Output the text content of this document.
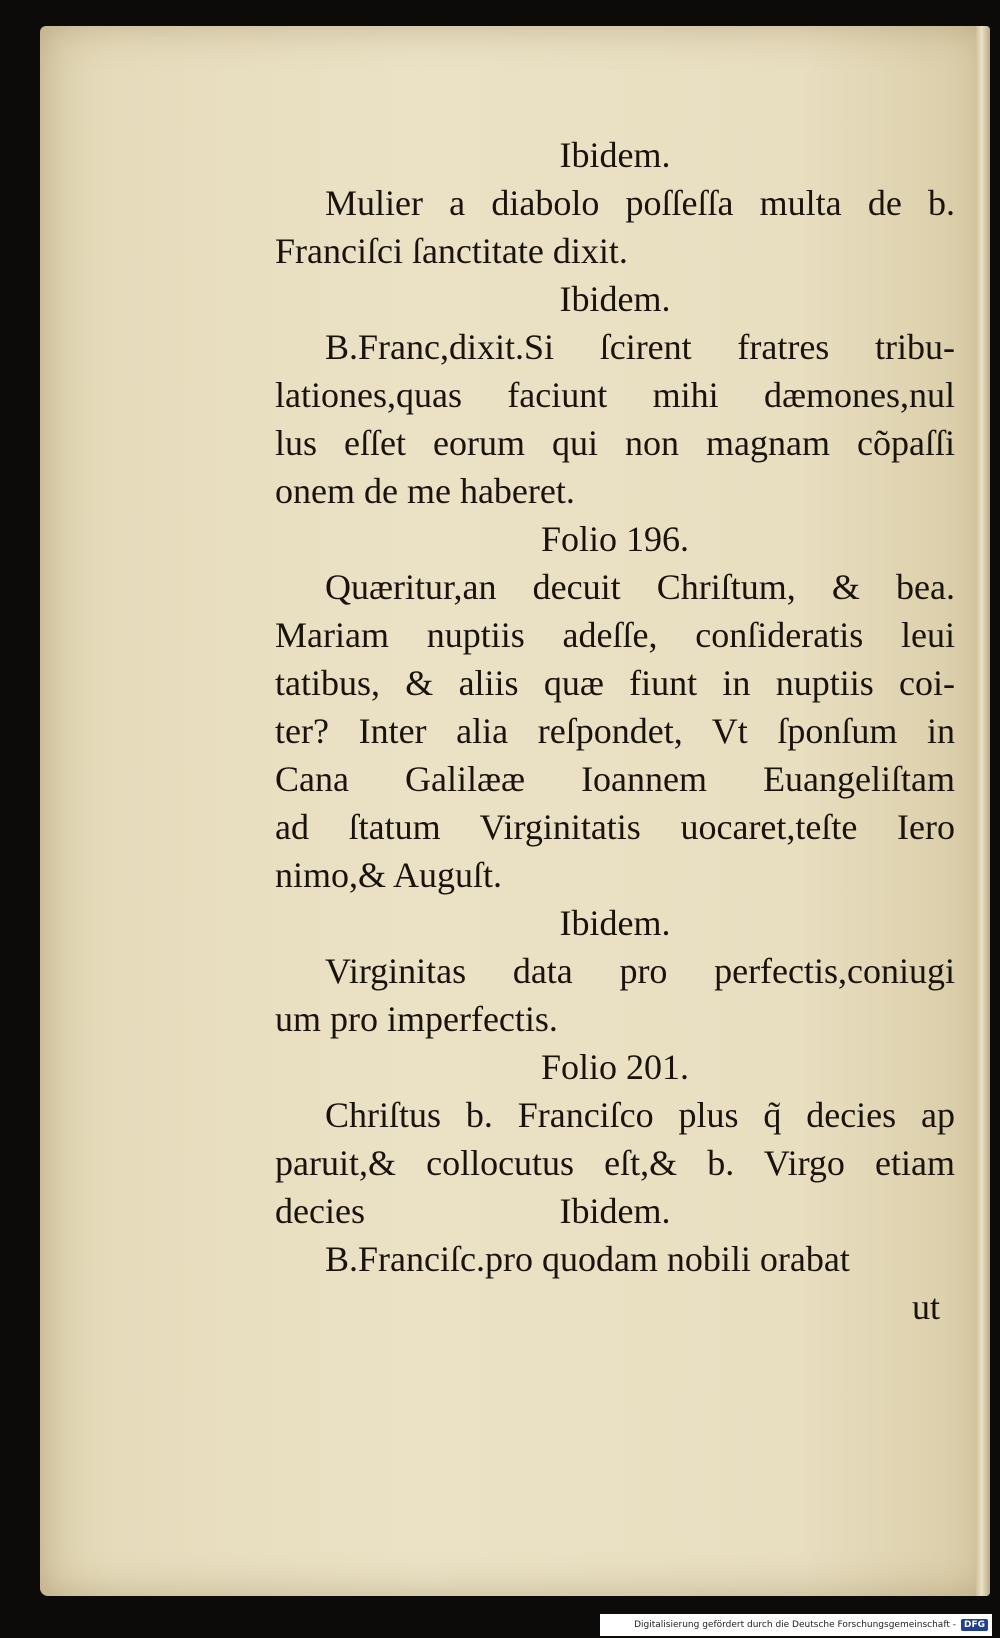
Ibidem.
Mulier a diabolo poſſeſſa multa de b.
Franciſci ſanctitate dixit.
Ibidem.
B.Franc,dixit.Si ſcirent fratres tribu-
lationes,quas faciunt mihi dæmones,nul
lus eſſet eorum qui non magnam cõpaſſi
onem de me haberet.
Folio 196.
Quæritur,an decuit Chriſtum, & bea.
Mariam nuptiis adeſſe, conſideratis leui
tatibus, & aliis quæ fiunt in nuptiis coi-
ter? Inter alia reſpondet, Vt ſponſum in
Cana Galilææ Ioannem Euangeliſtam
ad ſtatum Virginitatis uocaret,teſte Iero
nimo,& Auguſt.
Ibidem.
Virginitas data pro perfectis,coniugi
um pro imperfectis.
Folio 201.
Chriſtus b. Franciſco plus q̃ decies ap
paruit,& collocutus eſt,& b. Virgo etiam
decies	Ibidem.
B.Franciſc.pro quodam nobili orabat
ut
Digitalisierung gefördert durch die Deutsche Forschungsgemeinschaft - DFG
